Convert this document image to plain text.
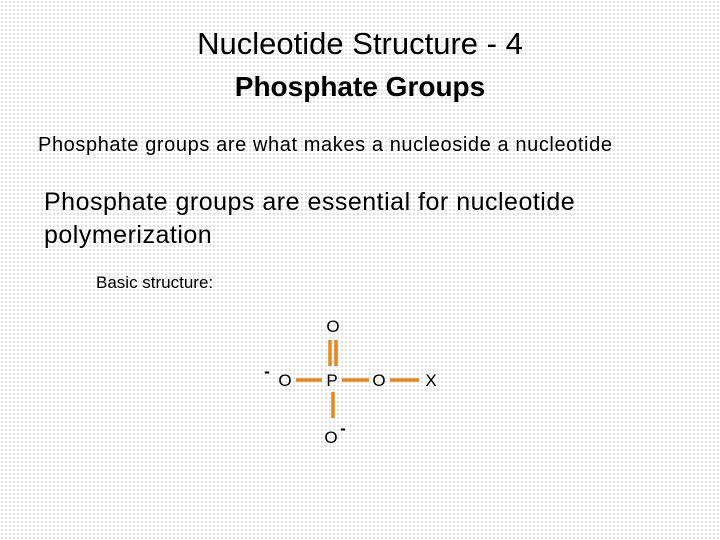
Nucleotide Structure - 4
Phosphate Groups

Phosphate groups are what makes a nucleoside a nucleotide

Phosphate groups are essential for nucleotide polymerization

Basic structure:

O
- O P O X
O -
